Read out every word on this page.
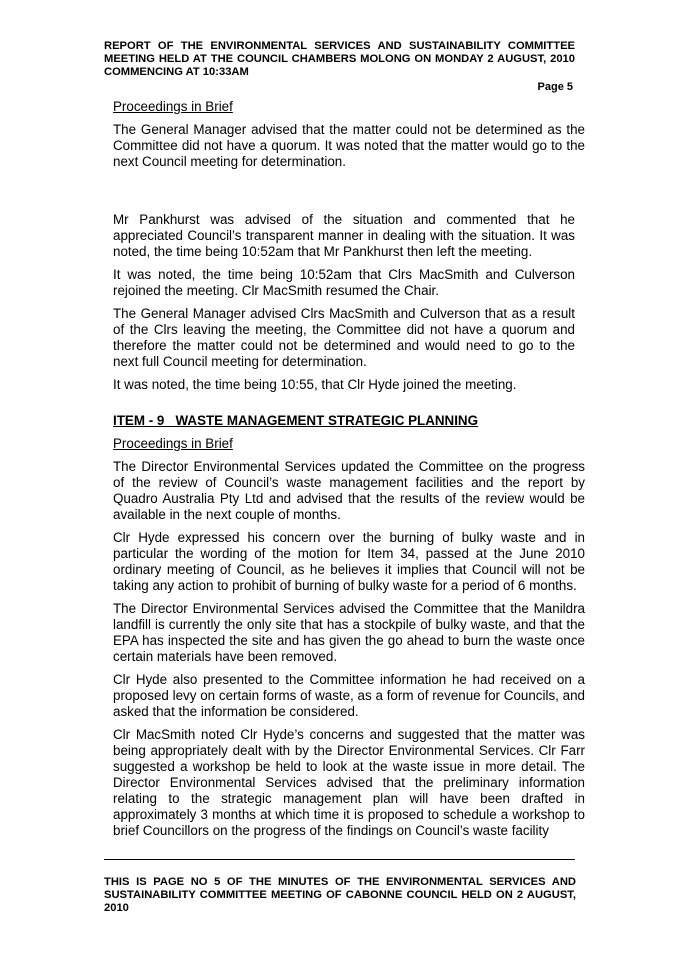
REPORT OF THE ENVIRONMENTAL SERVICES AND SUSTAINABILITY COMMITTEE MEETING HELD AT THE COUNCIL CHAMBERS MOLONG ON MONDAY 2 AUGUST, 2010 COMMENCING AT 10:33AM
Page 5

Proceedings in Brief

The General Manager advised that the matter could not be determined as the Committee did not have a quorum. It was noted that the matter would go to the next Council meeting for determination.

Mr Pankhurst was advised of the situation and commented that he appreciated Council’s transparent manner in dealing with the situation. It was noted, the time being 10:52am that Mr Pankhurst then left the meeting.

It was noted, the time being 10:52am that Clrs MacSmith and Culverson rejoined the meeting. Clr MacSmith resumed the Chair.

The General Manager advised Clrs MacSmith and Culverson that as a result of the Clrs leaving the meeting, the Committee did not have a quorum and therefore the matter could not be determined and would need to go to the next full Council meeting for determination.

It was noted, the time being 10:55, that Clr Hyde joined the meeting.

ITEM - 9   WASTE MANAGEMENT STRATEGIC PLANNING

Proceedings in Brief

The Director Environmental Services updated the Committee on the progress of the review of Council’s waste management facilities and the report by Quadro Australia Pty Ltd and advised that the results of the review would be available in the next couple of months.

Clr Hyde expressed his concern over the burning of bulky waste and in particular the wording of the motion for Item 34, passed at the June 2010 ordinary meeting of Council, as he believes it implies that Council will not be taking any action to prohibit of burning of bulky waste for a period of 6 months.

The Director Environmental Services advised the Committee that the Manildra landfill is currently the only site that has a stockpile of bulky waste, and that the EPA has inspected the site and has given the go ahead to burn the waste once certain materials have been removed.

Clr Hyde also presented to the Committee information he had received on a proposed levy on certain forms of waste, as a form of revenue for Councils, and asked that the information be considered.

Clr MacSmith noted Clr Hyde’s concerns and suggested that the matter was being appropriately dealt with by the Director Environmental Services. Clr Farr suggested a workshop be held to look at the waste issue in more detail. The Director Environmental Services advised that the preliminary information relating to the strategic management plan will have been drafted in approximately 3 months at which time it is proposed to schedule a workshop to brief Councillors on the progress of the findings on Council’s waste facility

THIS IS PAGE NO 5 OF THE MINUTES OF THE ENVIRONMENTAL SERVICES AND SUSTAINABILITY COMMITTEE MEETING OF CABONNE COUNCIL HELD ON 2 AUGUST, 2010
